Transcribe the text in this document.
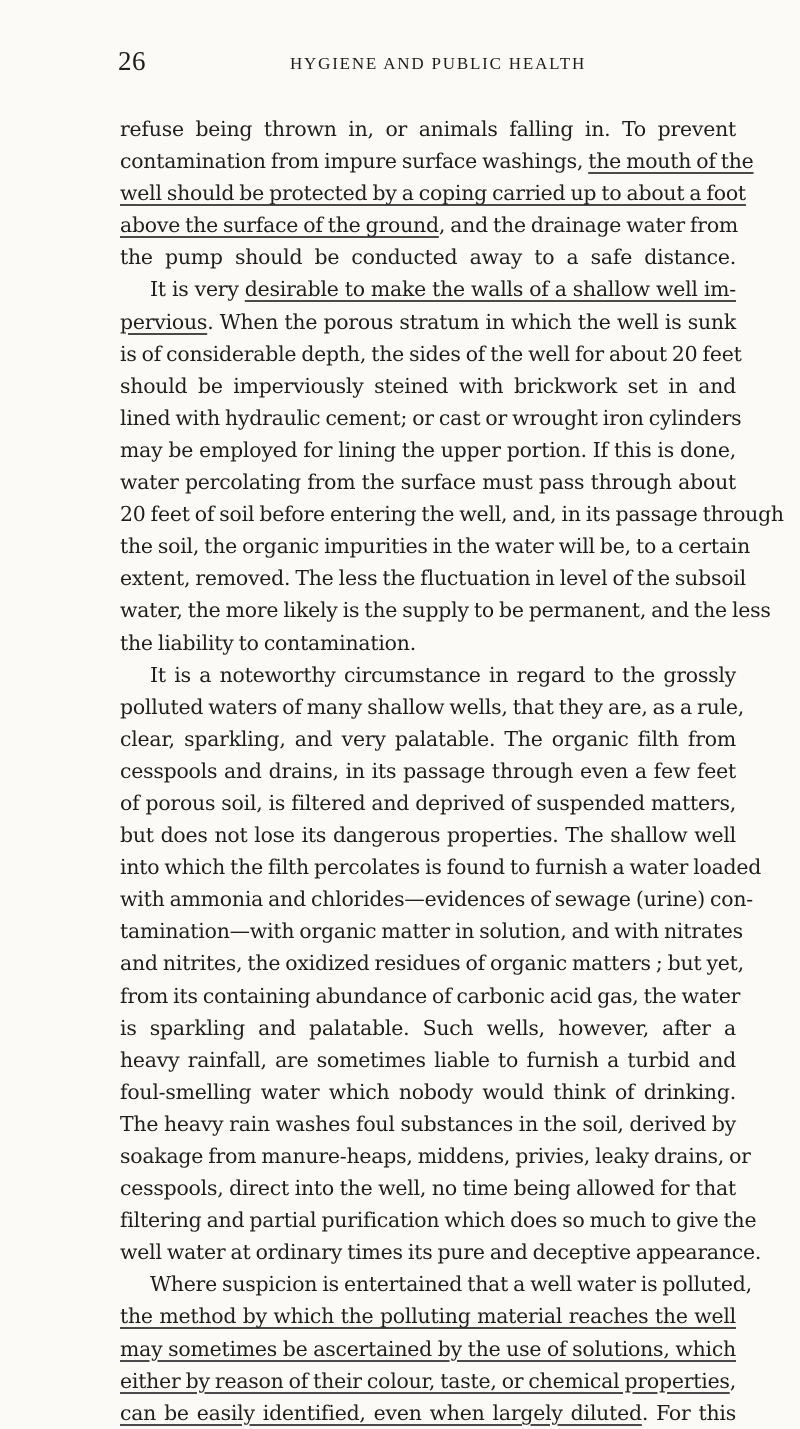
26	HYGIENE AND PUBLIC HEALTH
refuse being thrown in, or animals falling in. To prevent
contamination from impure surface washings, the mouth of the
well should be protected by a coping carried up to about a foot
above the surface of the ground, and the drainage water from
the pump should be conducted away to a safe distance.
It is very desirable to make the walls of a shallow well im-
pervious. When the porous stratum in which the well is sunk
is of considerable depth, the sides of the well for about 20 feet
should be imperviously steined with brickwork set in and
lined with hydraulic cement; or cast or wrought iron cylinders
may be employed for lining the upper portion. If this is done,
water percolating from the surface must pass through about
20 feet of soil before entering the well, and, in its passage through
the soil, the organic impurities in the water will be, to a certain
extent, removed. The less the fluctuation in level of the subsoil
water, the more likely is the supply to be permanent, and the less
the liability to contamination.
It is a noteworthy circumstance in regard to the grossly
polluted waters of many shallow wells, that they are, as a rule,
clear, sparkling, and very palatable. The organic filth from
cesspools and drains, in its passage through even a few feet
of porous soil, is filtered and deprived of suspended matters,
but does not lose its dangerous properties. The shallow well
into which the filth percolates is found to furnish a water loaded
with ammonia and chlorides—evidences of sewage (urine) con-
tamination—with organic matter in solution, and with nitrates
and nitrites, the oxidized residues of organic matters ; but yet,
from its containing abundance of carbonic acid gas, the water
is sparkling and palatable. Such wells, however, after a
heavy rainfall, are sometimes liable to furnish a turbid and
foul-smelling water which nobody would think of drinking.
The heavy rain washes foul substances in the soil, derived by
soakage from manure-heaps, middens, privies, leaky drains, or
cesspools, direct into the well, no time being allowed for that
filtering and partial purification which does so much to give the
well water at ordinary times its pure and deceptive appearance.
Where suspicion is entertained that a well water is polluted,
the method by which the polluting material reaches the well
may sometimes be ascertained by the use of solutions, which
either by reason of their colour, taste, or chemical properties,
can be easily identified, even when largely diluted. For this
